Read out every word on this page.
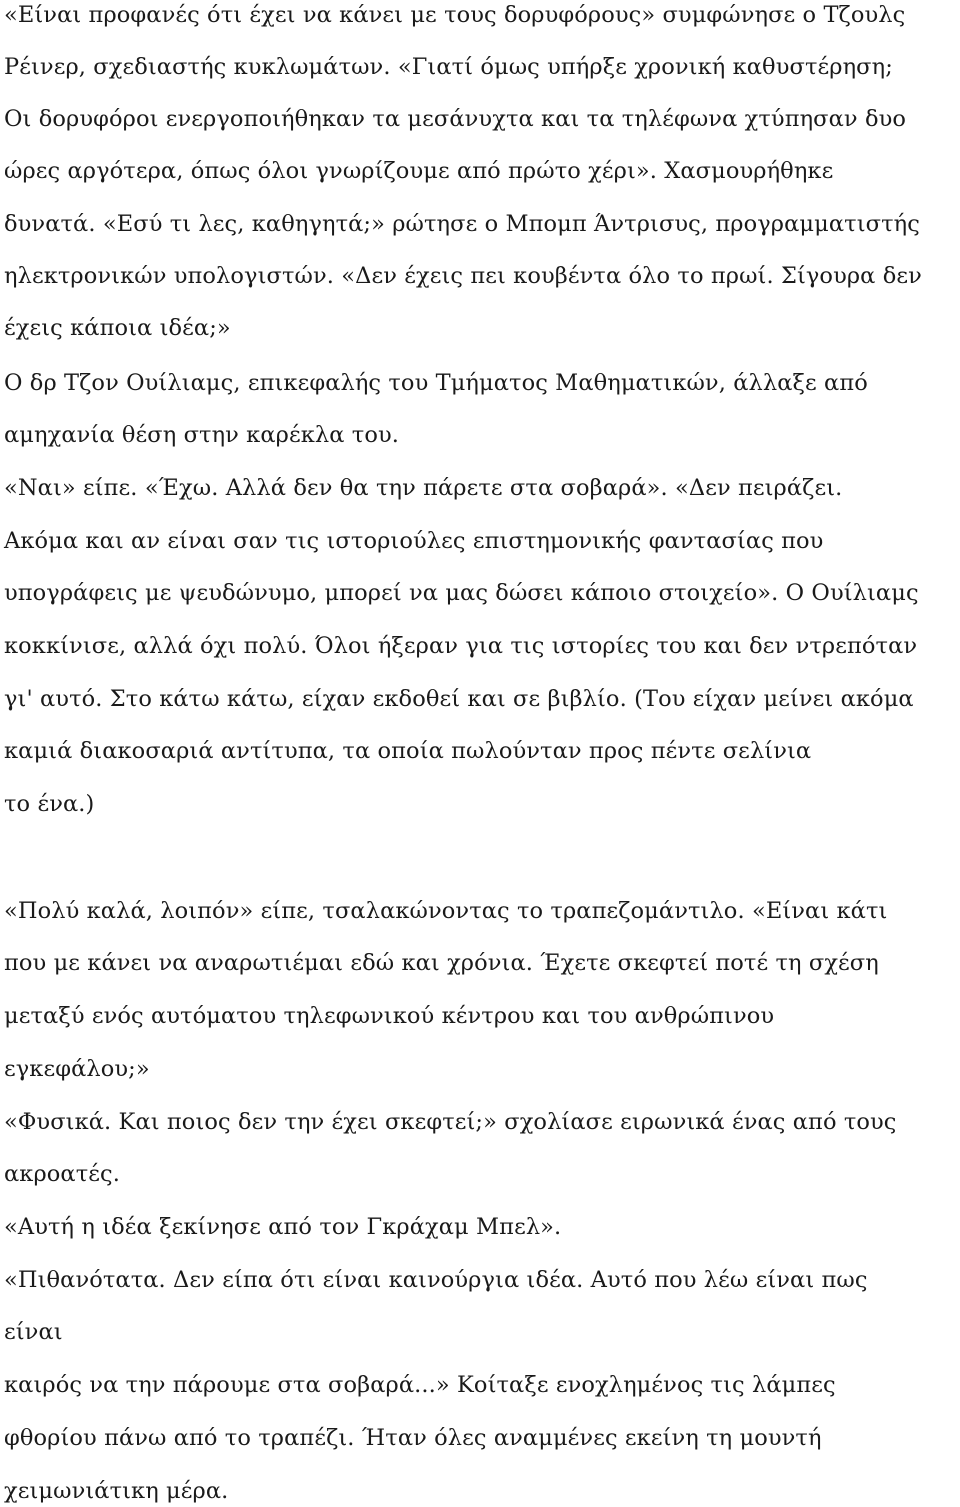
«Είναι προφανές ότι έχει να κάνει με τους δορυφόρους» συμφώνησε ο Τζουλς
Ρέινερ, σχεδιαστής κυκλωμάτων. «Γιατί όμως υπήρξε χρονική καθυστέρηση;
Οι δορυφόροι ενεργοποιήθηκαν τα μεσάνυχτα και τα τηλέφωνα χτύπησαν δυο
ώρες αργότερα, όπως όλοι γνωρίζουμε από πρώτο χέρι». Χασμουρήθηκε
δυνατά. «Εσύ τι λες, καθηγητά;» ρώτησε ο Μπομπ Άντρισυς, προγραμματιστής
ηλεκτρονικών υπολογιστών. «Δεν έχεις πει κουβέντα όλο το πρωί. Σίγουρα δεν
έχεις κάποια ιδέα;»
Ο δρ Τζον Ουίλιαμς, επικεφαλής του Τμήματος Μαθηματικών, άλλαξε από
αμηχανία θέση στην καρέκλα του.
«Ναι» είπε. «Έχω. Αλλά δεν θα την πάρετε στα σοβαρά». «Δεν πειράζει.
Ακόμα και αν είναι σαν τις ιστοριούλες επιστημονικής φαντασίας που
υπογράφεις με ψευδώνυμο, μπορεί να μας δώσει κάποιο στοιχείο». Ο Ουίλιαμς
κοκκίνισε, αλλά όχι πολύ. Όλοι ήξεραν για τις ιστορίες του και δεν ντρεπόταν
γι' αυτό. Στο κάτω κάτω, είχαν εκδοθεί και σε βιβλίο. (Του είχαν μείνει ακόμα
καμιά διακοσαριά αντίτυπα, τα οποία πωλούνταν προς πέντε σελίνια
το ένα.)
«Πολύ καλά, λοιπόν» είπε, τσαλακώνοντας το τραπεζομάντιλο. «Είναι κάτι
που με κάνει να αναρωτιέμαι εδώ και χρόνια. Έχετε σκεφτεί ποτέ τη σχέση
μεταξύ ενός αυτόματου τηλεφωνικού κέντρου και του ανθρώπινου
εγκεφάλου;»
«Φυσικά. Και ποιος δεν την έχει σκεφτεί;» σχολίασε ειρωνικά ένας από τους
ακροατές.
«Αυτή η ιδέα ξεκίνησε από τον Γκράχαμ Μπελ».
«Πιθανότατα. Δεν είπα ότι είναι καινούργια ιδέα. Αυτό που λέω είναι πως
είναι
καιρός να την πάρουμε στα σοβαρά...» Κοίταξε ενοχλημένος τις λάμπες
φθορίου πάνω από το τραπέζι. Ήταν όλες αναμμένες εκείνη τη μουντή
χειμωνιάτικη μέρα.
